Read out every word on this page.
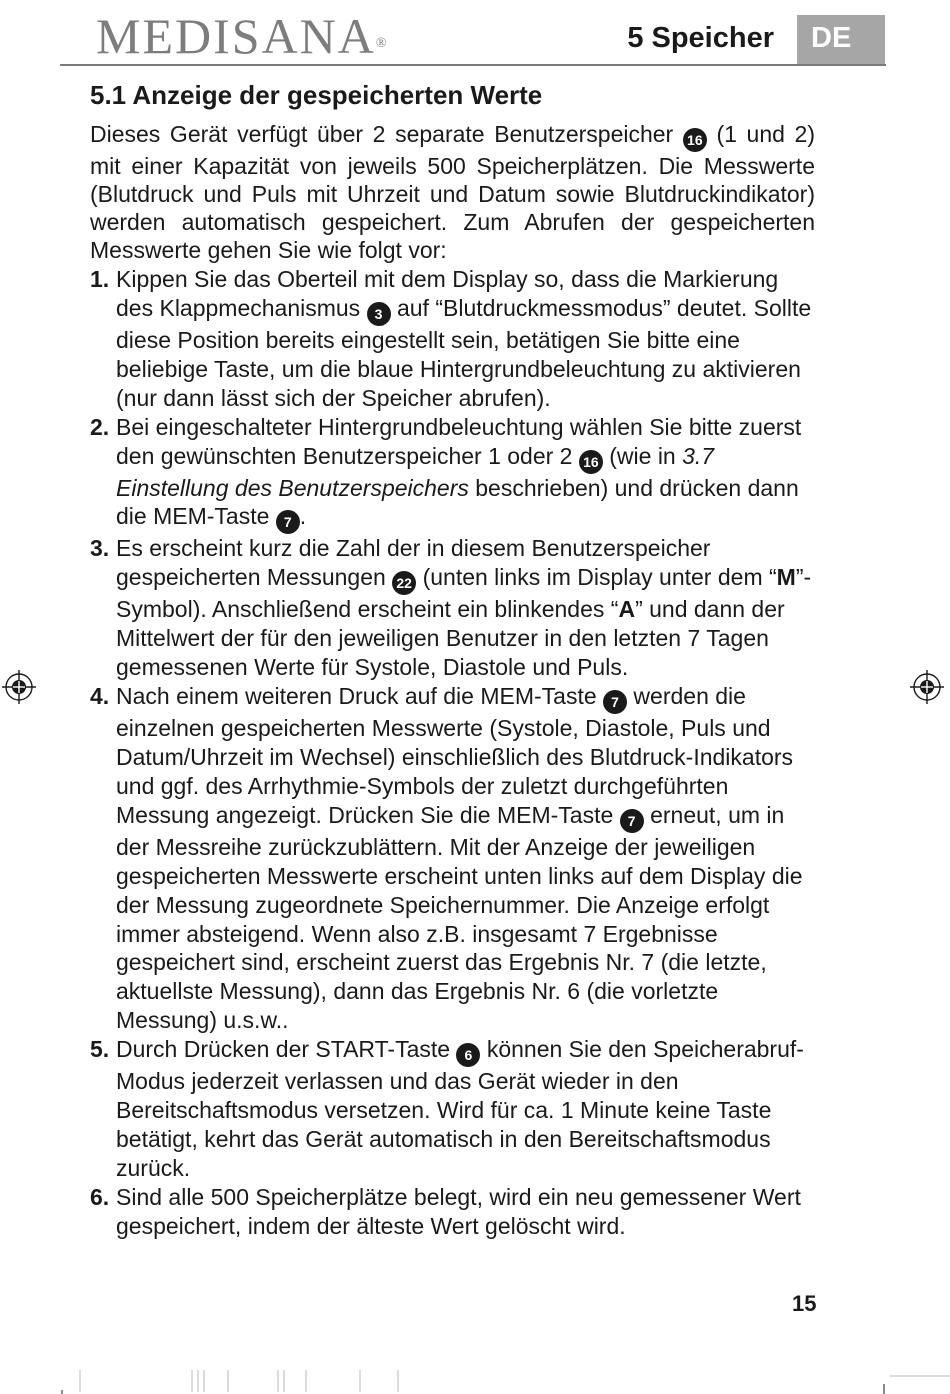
MEDISANA®	5 Speicher	DE
5.1 Anzeige der gespeicherten Werte

Dieses Gerät verfügt über 2 separate Benutzerspeicher 16 (1 und 2) mit einer Kapazität von jeweils 500 Speicherplätzen. Die Messwerte (Blutdruck und Puls mit Uhrzeit und Datum sowie Blutdruckindikator) werden automatisch gespeichert. Zum Abrufen der gespeicherten Messwerte gehen Sie wie folgt vor:

1. Kippen Sie das Oberteil mit dem Display so, dass die Markierung des Klappmechanismus 3 auf “Blutdruckmessmodus” deutet. Sollte diese Position bereits eingestellt sein, betätigen Sie bitte eine beliebige Taste, um die blaue Hintergrundbeleuchtung zu aktivieren (nur dann lässt sich der Speicher abrufen).
2. Bei eingeschalteter Hintergrundbeleuchtung wählen Sie bitte zuerst den gewünschten Benutzerspeicher 1 oder 2 16 (wie in 3.7 Einstellung des Benutzerspeichers beschrieben) und drücken dann die MEM-Taste 7 .
3. Es erscheint kurz die Zahl der in diesem Benutzerspeicher gespeicherten Messungen 22 (unten links im Display unter dem “M”-Symbol). Anschließend erscheint ein blinkendes “A” und dann der Mittelwert der für den jeweiligen Benutzer in den letzten 7 Tagen gemessenen Werte für Systole, Diastole und Puls.
4. Nach einem weiteren Druck auf die MEM-Taste 7 werden die einzelnen gespeicherten Messwerte (Systole, Diastole, Puls und Datum/Uhrzeit im Wechsel) einschließlich des Blutdruck-Indikators und ggf. des Arrhythmie-Symbols der zuletzt durchgeführten Messung angezeigt. Drücken Sie die MEM-Taste 7 erneut, um in der Messreihe zurückzublättern. Mit der Anzeige der jeweiligen gespeicherten Messwerte erscheint unten links auf dem Display die der Messung zugeordnete Speichernummer. Die Anzeige erfolgt immer absteigend. Wenn also z.B. insgesamt 7 Ergebnisse gespeichert sind, erscheint zuerst das Ergebnis Nr. 7 (die letzte, aktuellste Messung), dann das Ergebnis Nr. 6 (die vorletzte Messung) u.s.w..
5. Durch Drücken der START-Taste 6 können Sie den Speicherabruf-Modus jederzeit verlassen und das Gerät wieder in den Bereitschaftsmodus versetzen. Wird für ca. 1 Minute keine Taste betätigt, kehrt das Gerät automatisch in den Bereitschaftsmodus zurück.
6. Sind alle 500 Speicherplätze belegt, wird ein neu gemessener Wert gespeichert, indem der älteste Wert gelöscht wird.
15
